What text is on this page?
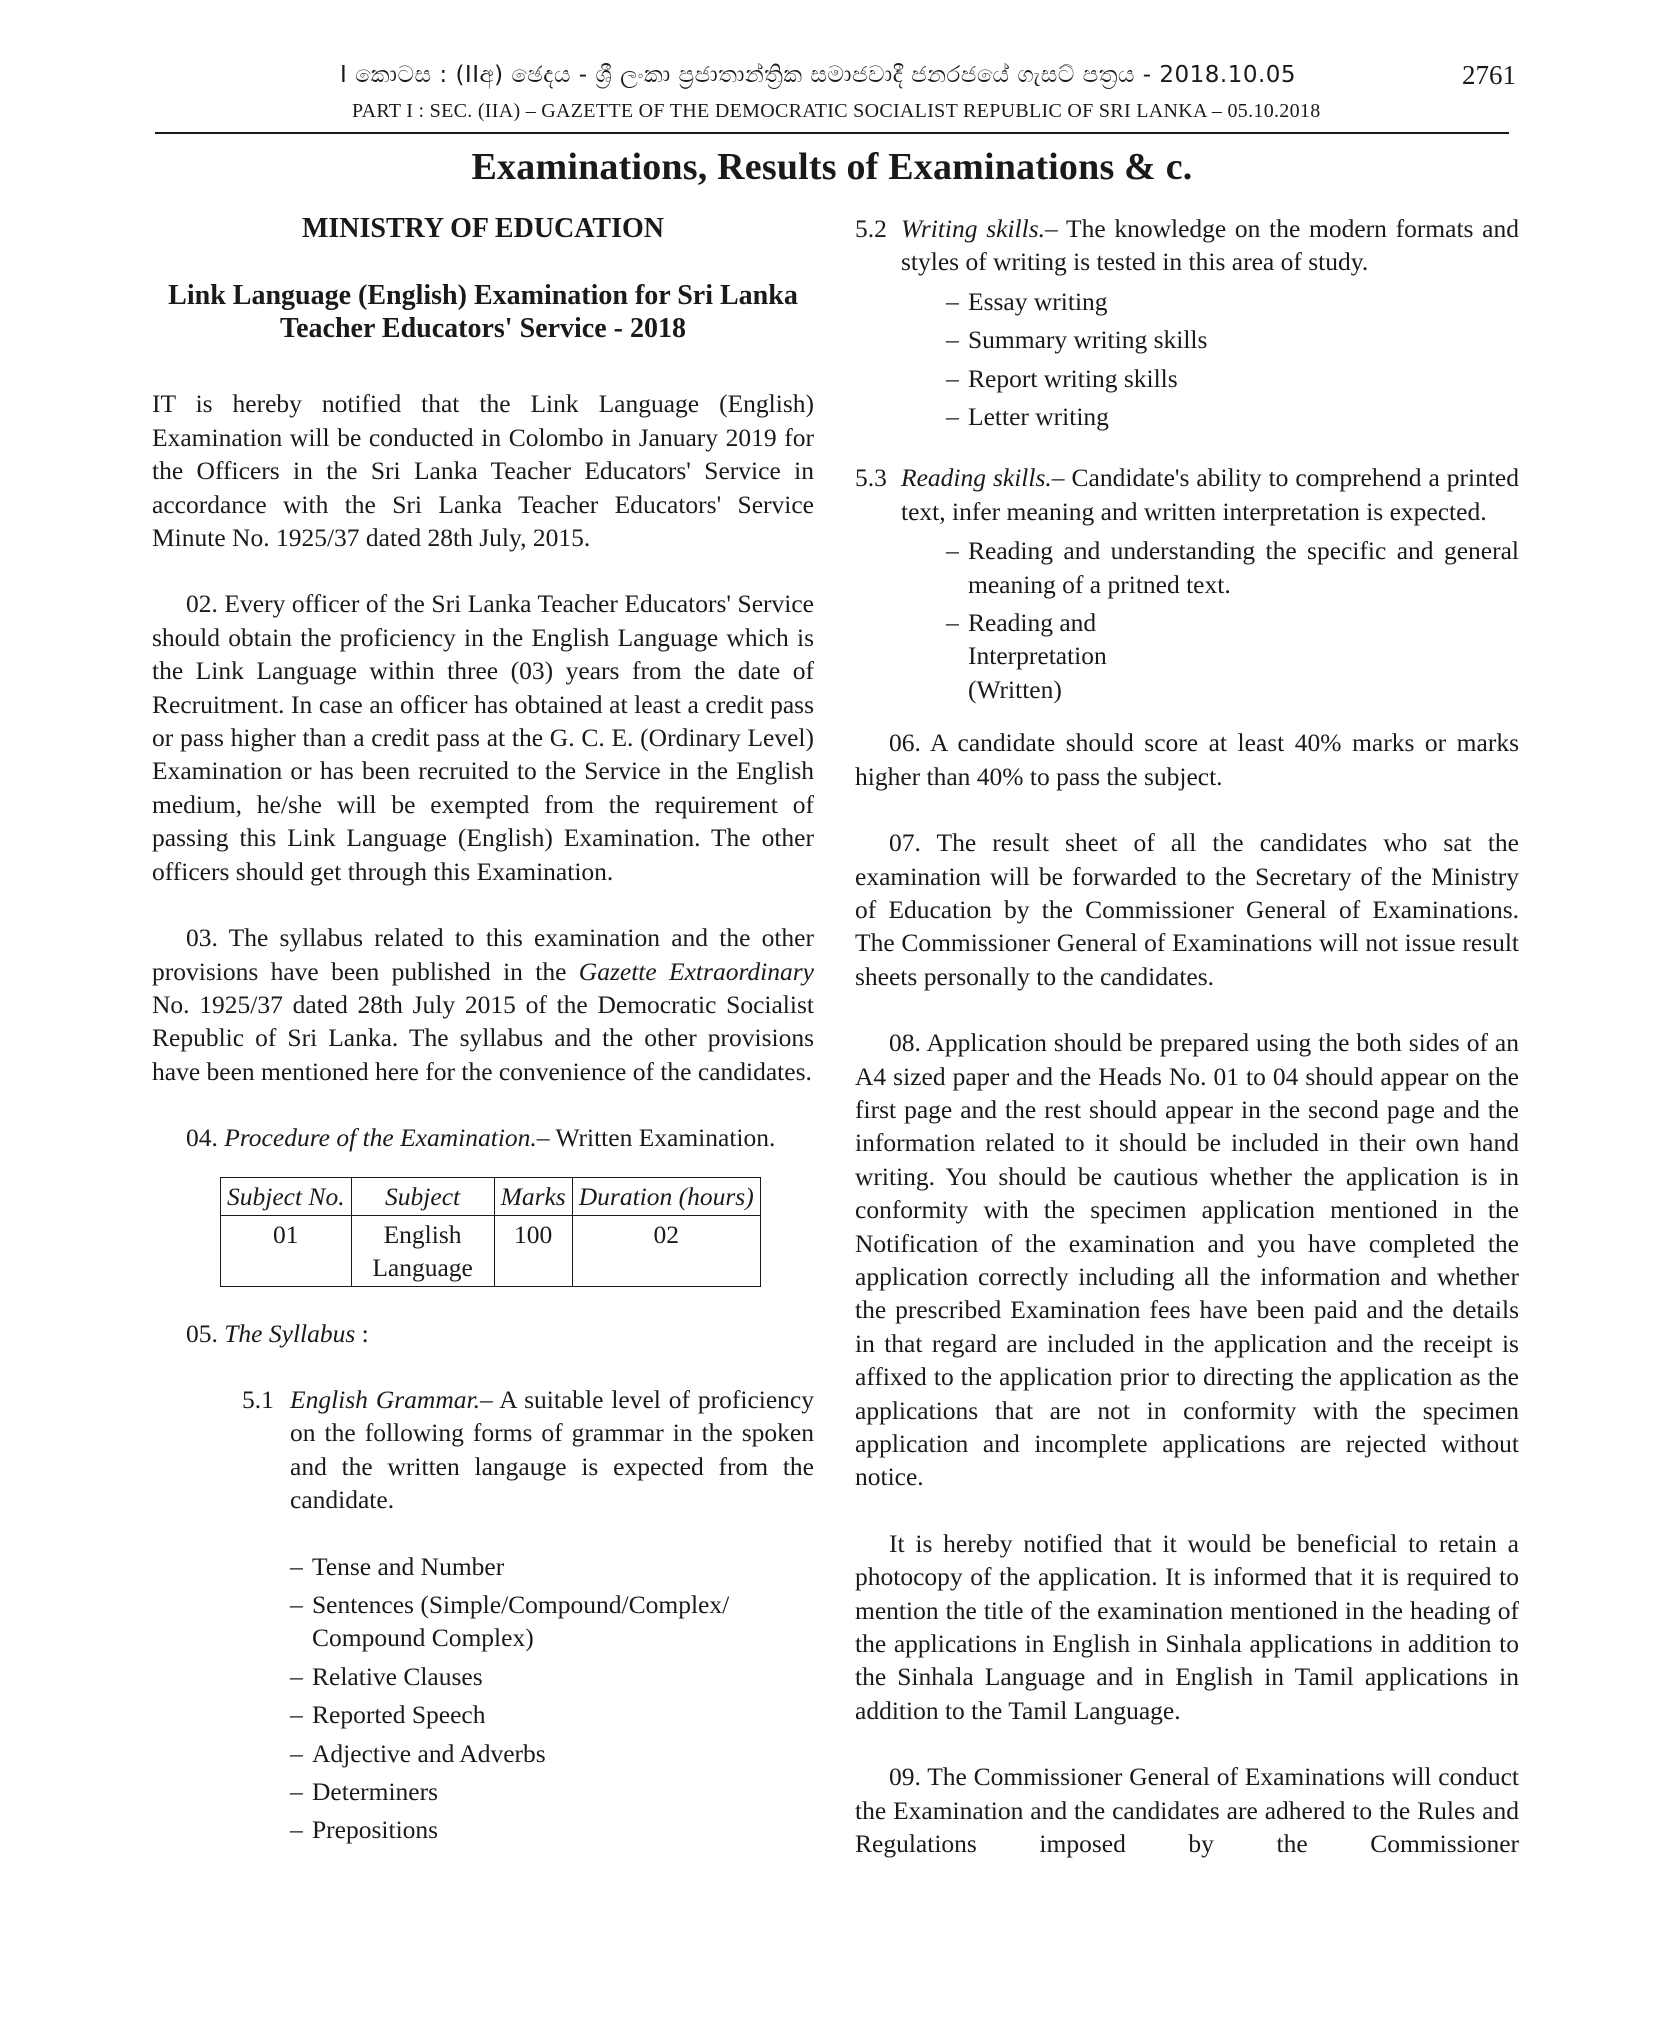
I කොටස : (IIඅ) ඡෙදය - ශ්‍රී ලංකා ප්‍රජාතාන්ත්‍රික සමාජවාදී ජනරජයේ ගැසට් පත්‍රය - 2018.10.05	2761
PART I : SEC. (IIA) – GAZETTE OF THE DEMOCRATIC SOCIALIST REPUBLIC OF SRI LANKA – 05.10.2018
Examinations, Results of Examinations & c.

MINISTRY OF EDUCATION

Link Language (English) Examination for Sri Lanka Teacher Educators' Service - 2018

IT is hereby notified that the Link Language (English) Examination will be conducted in Colombo in January 2019 for the Officers in the Sri Lanka Teacher Educators' Service in accordance with the Sri Lanka Teacher Educators' Service Minute No. 1925/37 dated 28th July, 2015.

02. Every officer of the Sri Lanka Teacher Educators' Service should obtain the proficiency in the English Language which is the Link Language within three (03) years from the date of Recruitment. In case an officer has obtained at least a credit pass or pass higher than a credit pass at the G. C. E. (Ordinary Level) Examination or has been recruited to the Service in the English medium, he/she will be exempted from the requirement of passing this Link Language (English) Examination. The other officers should get through this Examination.

03. The syllabus related to this examination and the other provisions have been published in the Gazette Extraordinary No. 1925/37 dated 28th July 2015 of the Democratic Socialist Republic of Sri Lanka. The syllabus and the other provisions have been mentioned here for the convenience of the candidates.

04. Procedure of the Examination.– Written Examination.

Subject No.	Subject	Marks	Duration (hours)
01	English Language	100	02

05. The Syllabus :

5.1 English Grammar.– A suitable level of proficiency on the following forms of grammar in the spoken and the written langauge is expected from the candidate.
– Tense and Number
– Sentences (Simple/Compound/Complex/ Compound Complex)
– Relative Clauses
– Reported Speech
– Adjective and Adverbs
– Determiners
– Prepositions
5.2 Writing skills.– The knowledge on the modern formats and styles of writing is tested in this area of study.
– Essay writing
– Summary writing skills
– Report writing skills
– Letter writing
5.3 Reading skills.– Candidate's ability to comprehend a printed text, infer meaning and written interpretation is expected.
– Reading and understanding the specific and general meaning of a pritned text.
– Reading and Interpretation (Written)

06. A candidate should score at least 40% marks or marks higher than 40% to pass the subject.

07. The result sheet of all the candidates who sat the examination will be forwarded to the Secretary of the Ministry of Education by the Commissioner General of Examinations. The Commissioner General of Examinations will not issue result sheets personally to the candidates.

08. Application should be prepared using the both sides of an A4 sized paper and the Heads No. 01 to 04 should appear on the first page and the rest should appear in the second page and the information related to it should be included in their own hand writing. You should be cautious whether the application is in conformity with the specimen application mentioned in the Notification of the examination and you have completed the application correctly including all the information and whether the prescribed Examination fees have been paid and the details in that regard are included in the application and the receipt is affixed to the application prior to directing the application as the applications that are not in conformity with the specimen application and incomplete applications are rejected without notice.

It is hereby notified that it would be beneficial to retain a photocopy of the application. It is informed that it is required to mention the title of the examination mentioned in the heading of the applications in English in Sinhala applications in addition to the Sinhala Language and in English in Tamil applications in addition to the Tamil Language.

09. The Commissioner General of Examinations will conduct the Examination and the candidates are adhered to the Rules and Regulations imposed by the Commissioner
